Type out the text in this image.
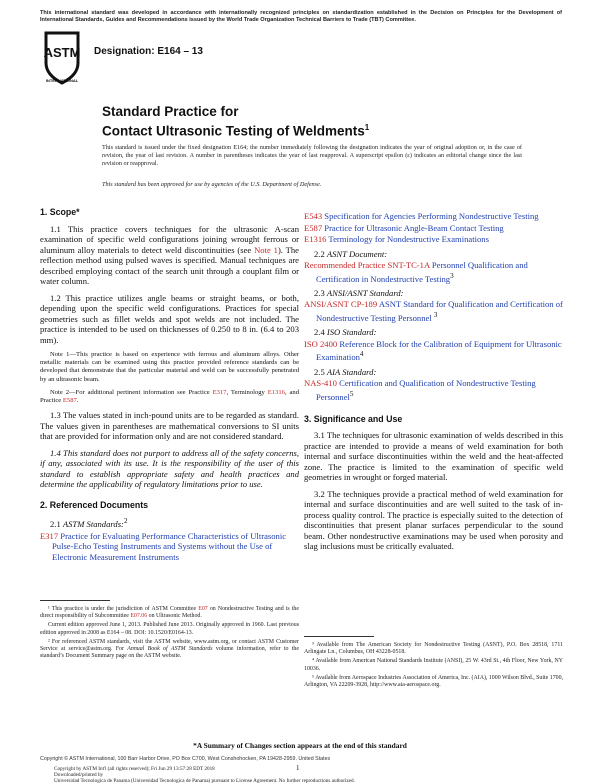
This international standard was developed in accordance with internationally recognized principles on standardization established in the Decision on Principles for the Development of International Standards, Guides and Recommendations issued by the World Trade Organization Technical Barriers to Trade (TBT) Committee.
ASTM
INTERNATIONAL
Designation: E164 – 13
Standard Practice for
Contact Ultrasonic Testing of Weldments$^1$
This standard is issued under the fixed designation E164; the number immediately following the designation indicates the year of original adoption or, in the case of revision, the year of last revision. A number in parentheses indicates the year of last reapproval. A superscript epsilon (ε) indicates an editorial change since the last revision or reapproval.
This standard has been approved for use by agencies of the U.S. Department of Defense.
1. Scope*

1.1 This practice covers techniques for the ultrasonic A-scan examination of specific weld configurations joining wrought ferrous or aluminum alloy materials to detect weld discontinuities (see Note 1). The reflection method using pulsed waves is specified. Manual techniques are described employing contact of the search unit through a couplant film or water column.

1.2 This practice utilizes angle beams or straight beams, or both, depending upon the specific weld configurations. Practices for special geometries such as fillet welds and spot welds are not included. The practice is intended to be used on thicknesses of 0.250 to 8 in. (6.4 to 203 mm).

Note 1—This practice is based on experience with ferrous and aluminum alloys. Other metallic materials can be examined using this practice provided reference standards can be developed that demonstrate that the particular material and weld can be successfully penetrated by an ultrasonic beam.

Note 2—For additional pertinent information see Practice E317, Terminology E1316, and Practice E587.

1.3 The values stated in inch-pound units are to be regarded as standard. The values given in parentheses are mathematical conversions to SI units that are provided for information only and are not considered standard.

1.4 This standard does not purport to address all of the safety concerns, if any, associated with its use. It is the responsibility of the user of this standard to establish appropriate safety and health practices and determine the applicability of regulatory limitations prior to use.

2. Referenced Documents
2.1 ASTM Standards:$^2$
E317 Practice for Evaluating Performance Characteristics of Ultrasonic Pulse-Echo Testing Instruments and Systems without the Use of Electronic Measurement Instruments
E543 Specification for Agencies Performing Nondestructive Testing
E587 Practice for Ultrasonic Angle-Beam Contact Testing
E1316 Terminology for Nondestructive Examinations
2.2 ASNT Document:
Recommended Practice SNT-TC-1A Personnel Qualification and Certification in Nondestructive Testing$^3$
2.3 ANSI/ASNT Standard:
ANSI/ASNT CP-189 ASNT Standard for Qualification and Certification of Nondestructive Testing Personnel $^3$
2.4 ISO Standard:
ISO 2400 Reference Block for the Calibration of Equipment for Ultrasonic Examination$^4$
2.5 AIA Standard:
NAS-410 Certification and Qualification of Nondestructive Testing Personnel$^5$
3. Significance and Use

3.1 The techniques for ultrasonic examination of welds described in this practice are intended to provide a means of weld examination for both internal and surface discontinuities within the weld and the heat-affected zone. The practice is limited to the examination of specific weld geometries in wrought or forged material.

3.2 The techniques provide a practical method of weld examination for internal and surface discontinuities and are well suited to the task of in-process quality control. The practice is especially suited to the detection of discontinuities that present planar surfaces perpendicular to the sound beam. Other nondestructive examinations may be used when porosity and slag inclusions must be critically evaluated.

¹ This practice is under the jurisdiction of ASTM Committee E07 on Nondestructive Testing and is the direct responsibility of Subcommittee E07.06 on Ultrasonic Method.

Current edition approved June 1, 2013. Published June 2013. Originally approved in 1960. Last previous edition approved in 2008 as E164 – 08. DOI: 10.1520/E0164-13.

² For referenced ASTM standards, visit the ASTM website, www.astm.org, or contact ASTM Customer Service at service@astm.org. For Annual Book of ASTM Standards volume information, refer to the standard’s Document Summary page on the ASTM website.

³ Available from The American Society for Nondestructive Testing (ASNT), P.O. Box 28518, 1711 Arlingate Ln., Columbus, OH 43228-0518.

⁴ Available from American National Standards Institute (ANSI), 25 W. 43rd St., 4th Floor, New York, NY 10036.

⁵ Available from Aerospace Industries Association of America, Inc. (AIA), 1000 Wilson Blvd., Suite 1700, Arlington, VA 22209-3928, http://www.aia-aerospace.org.

*A Summary of Changes section appears at the end of this standard
Copyright © ASTM International, 100 Barr Harbor Drive, PO Box C700, West Conshohocken, PA 19428-2959. United States
1
Copyright by ASTM Int'l (all rights reserved); Fri Jun 29 13:57:28 EDT 2018
Downloaded/printed by
Universidad Tecnologica de Panama (Universidad Tecnologica de Panama) pursuant to License Agreement. No further reproductions authorized.
